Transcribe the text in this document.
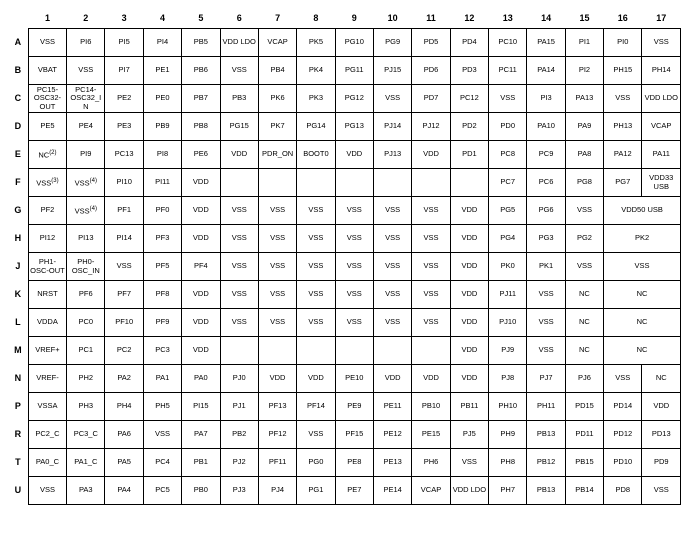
	1	2	3	4	5	6	7	8	9	10	11	12	13	14	15	16	17
A	VSS	PI6	PI5	PI4	PB5	VDD LDO	VCAP	PK5	PG10	PG9	PD5	PD4	PC10	PA15	PI1	PI0	VSS
B	VBAT	VSS	PI7	PE1	PB6	VSS	PB4	PK4	PG11	PJ15	PD6	PD3	PC11	PA14	PI2	PH15	PH14
C	PC15-OSC32-OUT	PC14-OSC32_IN	PE2	PE0	PB7	PB3	PK6	PK3	PG12	VSS	PD7	PC12	VSS	PI3	PA13	VSS	VDD LDO
D	PE5	PE4	PE3	PB9	PB8	PG15	PK7	PG14	PG13	PJ14	PJ12	PD2	PD0	PA10	PA9	PH13	VCAP
E	NC$^{(2)}$	PI9	PC13	PI8	PE6	VDD	PDR_ON	BOOT0	VDD	PJ13	VDD	PD1	PC8	PC9	PA8	PA12	PA11
F	VSS$^{(3)}$	VSS$^{(4)}$	PI10	PI11	VDD								PC7	PC6	PG8	PG7	VDD33 USB
G	PF2	VSS$^{(4)}$	PF1	PF0	VDD	VSS	VSS	VSS	VSS	VSS	VSS	VDD	PG5	PG6	VSS	VDD50 USB	
H	PI12	PI13	PI14	PF3	VDD	VSS	VSS	VSS	VSS	VSS	VSS	VDD	PG4	PG3	PG2	PK2	
J	PH1-OSC-OUT	PH0-OSC_IN	VSS	PF5	PF4	VSS	VSS	VSS	VSS	VSS	VSS	VDD	PK0	PK1	VSS	VSS	
K	NRST	PF6	PF7	PF8	VDD	VSS	VSS	VSS	VSS	VSS	VSS	VDD	PJ11	VSS	NC	NC	
L	VDDA	PC0	PF10	PF9	VDD	VSS	VSS	VSS	VSS	VSS	VSS	VDD	PJ10	VSS	NC	NC	
M	VREF+	PC1	PC2	PC3	VDD							VDD	PJ9	VSS	NC	NC	
N	VREF-	PH2	PA2	PA1	PA0	PJ0	VDD	VDD	PE10	VDD	VDD	VDD	PJ8	PJ7	PJ6	VSS	NC
P	VSSA	PH3	PH4	PH5	PI15	PJ1	PF13	PF14	PE9	PE11	PB10	PB11	PH10	PH11	PD15	PD14	VDD
R	PC2_C	PC3_C	PA6	VSS	PA7	PB2	PF12	VSS	PF15	PE12	PE15	PJ5	PH9	PB13	PD11	PD12	PD13
T	PA0_C	PA1_C	PA5	PC4	PB1	PJ2	PF11	PG0	PE8	PE13	PH6	VSS	PH8	PB12	PB15	PD10	PD9
U	VSS	PA3	PA4	PC5	PB0	PJ3	PJ4	PG1	PE7	PE14	VCAP	VDD LDO	PH7	PB13	PB14	PD8	VSS
